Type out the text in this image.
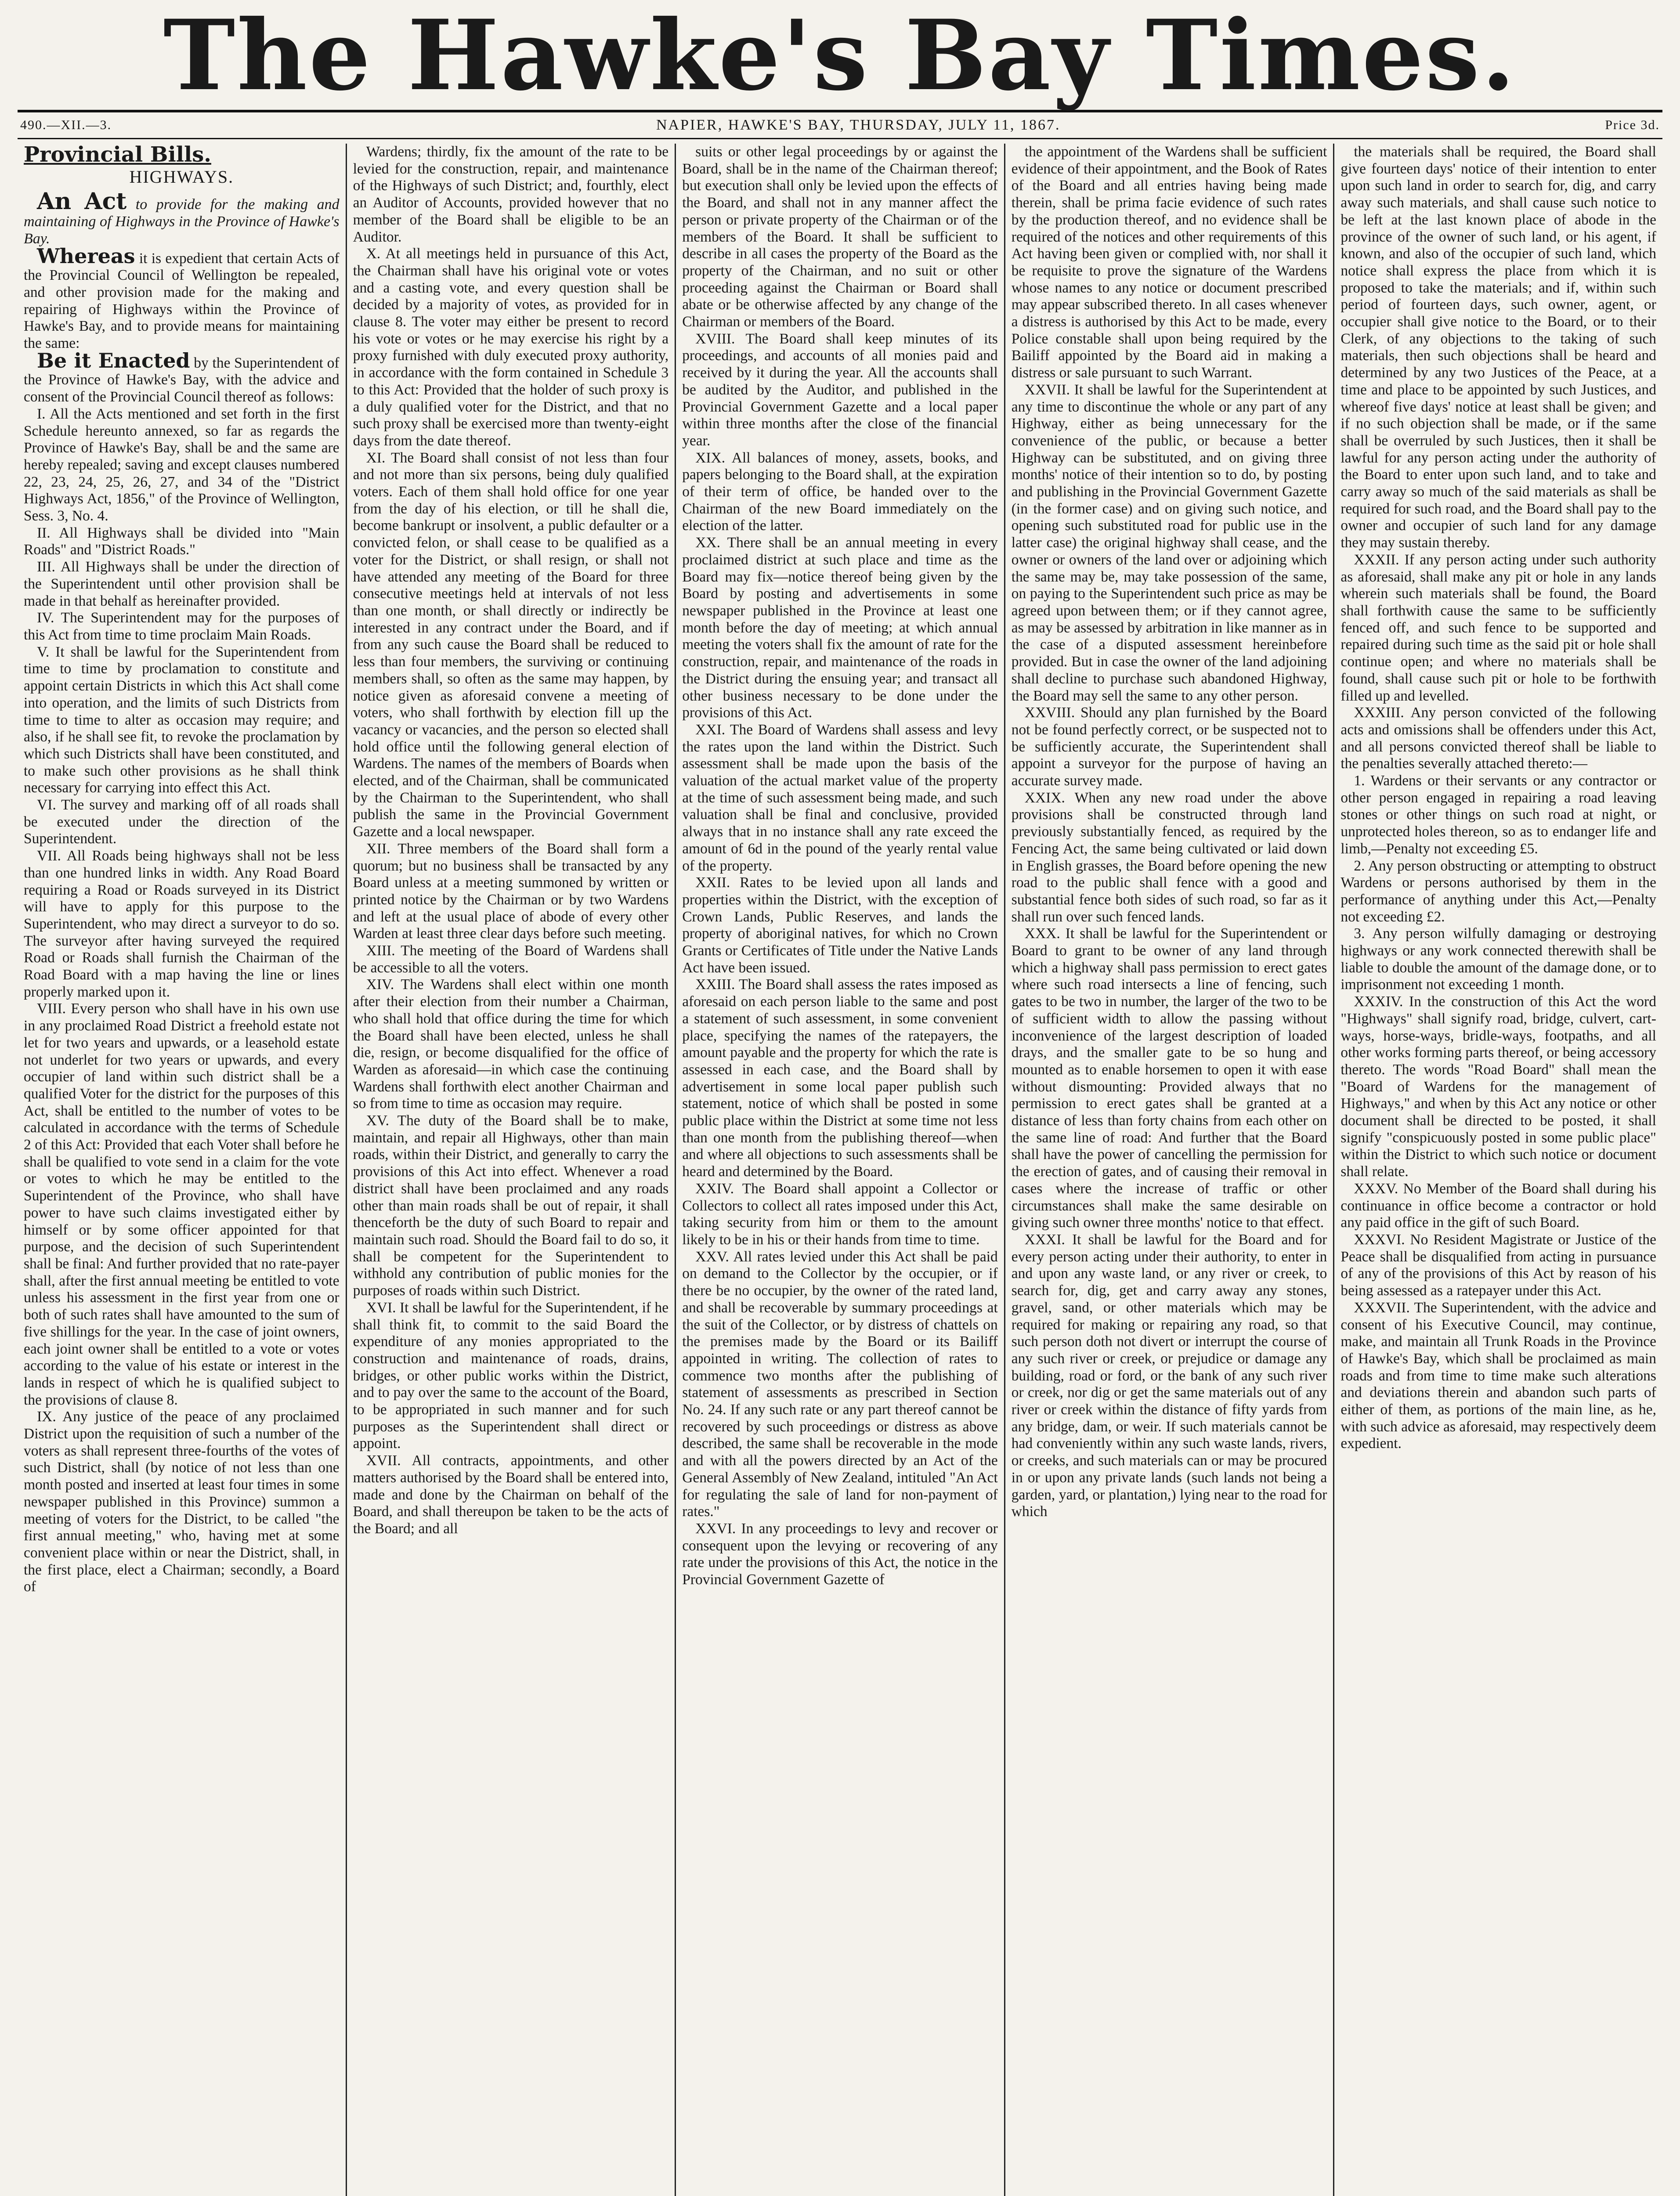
The Hawke's Bay Times.
490.—XII.—3.	NAPIER, HAWKE'S BAY, THURSDAY, JULY 11, 1867.	Price 3d.
Provincial Bills.
HIGHWAYS.

An Act to provide for the making and maintaining of Highways in the Province of Hawke's Bay.

Whereas it is expedient that certain Acts of the Provincial Council of Wellington be repealed, and other provision made for the making and repairing of Highways within the Province of Hawke's Bay, and to provide means for maintaining the same:

Be it Enacted by the Superintendent of the Province of Hawke's Bay, with the advice and consent of the Provincial Council thereof as follows:

I. All the Acts mentioned and set forth in the first Schedule hereunto annexed, so far as regards the Province of Hawke's Bay, shall be and the same are hereby repealed; saving and except clauses numbered 22, 23, 24, 25, 26, 27, and 34 of the "District Highways Act, 1856," of the Province of Wellington, Sess. 3, No. 4.

II. All Highways shall be divided into "Main Roads" and "District Roads."

III. All Highways shall be under the direction of the Superintendent until other provision shall be made in that behalf as hereinafter provided.

IV. The Superintendent may for the purposes of this Act from time to time proclaim Main Roads.

V. It shall be lawful for the Superintendent from time to time by proclamation to constitute and appoint certain Districts in which this Act shall come into operation, and the limits of such Districts from time to time to alter as occasion may require; and also, if he shall see fit, to revoke the proclamation by which such Districts shall have been constituted, and to make such other provisions as he shall think necessary for carrying into effect this Act.

VI. The survey and marking off of all roads shall be executed under the direction of the Superintendent.

VII. All Roads being highways shall not be less than one hundred links in width. Any Road Board requiring a Road or Roads surveyed in its District will have to apply for this purpose to the Superintendent, who may direct a surveyor to do so. The surveyor after having surveyed the required Road or Roads shall furnish the Chairman of the Road Board with a map having the line or lines properly marked upon it.

VIII. Every person who shall have in his own use in any proclaimed Road District a freehold estate not let for two years and upwards, or a leasehold estate not underlet for two years or upwards, and every occupier of land within such district shall be a qualified Voter for the district for the purposes of this Act, shall be entitled to the number of votes to be calculated in accordance with the terms of Schedule 2 of this Act: Provided that each Voter shall before he shall be qualified to vote send in a claim for the vote or votes to which he may be entitled to the Superintendent of the Province, who shall have power to have such claims investigated either by himself or by some officer appointed for that purpose, and the decision of such Superintendent shall be final: And further provided that no rate-payer shall, after the first annual meeting be entitled to vote unless his assessment in the first year from one or both of such rates shall have amounted to the sum of five shillings for the year. In the case of joint owners, each joint owner shall be entitled to a vote or votes according to the value of his estate or interest in the lands in respect of which he is qualified subject to the provisions of clause 8.

IX. Any justice of the peace of any proclaimed District upon the requisition of such a number of the voters as shall represent three-fourths of the votes of such District, shall (by notice of not less than one month posted and inserted at least four times in some newspaper published in this Province) summon a meeting of voters for the District, to be called "the first annual meeting," who, having met at some convenient place within or near the District, shall, in the first place, elect a Chairman; secondly, a Board of

Wardens; thirdly, fix the amount of the rate to be levied for the construction, repair, and maintenance of the Highways of such District; and, fourthly, elect an Auditor of Accounts, provided however that no member of the Board shall be eligible to be an Auditor.

X. At all meetings held in pursuance of this Act, the Chairman shall have his original vote or votes and a casting vote, and every question shall be decided by a majority of votes, as provided for in clause 8. The voter may either be present to record his vote or votes or he may exercise his right by a proxy furnished with duly executed proxy authority, in accordance with the form contained in Schedule 3 to this Act: Provided that the holder of such proxy is a duly qualified voter for the District, and that no such proxy shall be exercised more than twenty-eight days from the date thereof.

XI. The Board shall consist of not less than four and not more than six persons, being duly qualified voters. Each of them shall hold office for one year from the day of his election, or till he shall die, become bankrupt or insolvent, a public defaulter or a convicted felon, or shall cease to be qualified as a voter for the District, or shall resign, or shall not have attended any meeting of the Board for three consecutive meetings held at intervals of not less than one month, or shall directly or indirectly be interested in any contract under the Board, and if from any such cause the Board shall be reduced to less than four members, the surviving or continuing members shall, so often as the same may happen, by notice given as aforesaid convene a meeting of voters, who shall forthwith by election fill up the vacancy or vacancies, and the person so elected shall hold office until the following general election of Wardens. The names of the members of Boards when elected, and of the Chairman, shall be communicated by the Chairman to the Superintendent, who shall publish the same in the Provincial Government Gazette and a local newspaper.

XII. Three members of the Board shall form a quorum; but no business shall be transacted by any Board unless at a meeting summoned by written or printed notice by the Chairman or by two Wardens and left at the usual place of abode of every other Warden at least three clear days before such meeting.

XIII. The meeting of the Board of Wardens shall be accessible to all the voters.

XIV. The Wardens shall elect within one month after their election from their number a Chairman, who shall hold that office during the time for which the Board shall have been elected, unless he shall die, resign, or become disqualified for the office of Warden as aforesaid—in which case the continuing Wardens shall forthwith elect another Chairman and so from time to time as occasion may require.

XV. The duty of the Board shall be to make, maintain, and repair all Highways, other than main roads, within their District, and generally to carry the provisions of this Act into effect. Whenever a road district shall have been proclaimed and any roads other than main roads shall be out of repair, it shall thenceforth be the duty of such Board to repair and maintain such road. Should the Board fail to do so, it shall be competent for the Superintendent to withhold any contribution of public monies for the purposes of roads within such District.

XVI. It shall be lawful for the Superintendent, if he shall think fit, to commit to the said Board the expenditure of any monies appropriated to the construction and maintenance of roads, drains, bridges, or other public works within the District, and to pay over the same to the account of the Board, to be appropriated in such manner and for such purposes as the Superintendent shall direct or appoint.

XVII. All contracts, appointments, and other matters authorised by the Board shall be entered into, made and done by the Chairman on behalf of the Board, and shall thereupon be taken to be the acts of the Board; and all

suits or other legal proceedings by or against the Board, shall be in the name of the Chairman thereof; but execution shall only be levied upon the effects of the Board, and shall not in any manner affect the person or private property of the Chairman or of the members of the Board. It shall be sufficient to describe in all cases the property of the Board as the property of the Chairman, and no suit or other proceeding against the Chairman or Board shall abate or be otherwise affected by any change of the Chairman or members of the Board.

XVIII. The Board shall keep minutes of its proceedings, and accounts of all monies paid and received by it during the year. All the accounts shall be audited by the Auditor, and published in the Provincial Government Gazette and a local paper within three months after the close of the financial year.

XIX. All balances of money, assets, books, and papers belonging to the Board shall, at the expiration of their term of office, be handed over to the Chairman of the new Board immediately on the election of the latter.

XX. There shall be an annual meeting in every proclaimed district at such place and time as the Board may fix—notice thereof being given by the Board by posting and advertisements in some newspaper published in the Province at least one month before the day of meeting; at which annual meeting the voters shall fix the amount of rate for the construction, repair, and maintenance of the roads in the District during the ensuing year; and transact all other business necessary to be done under the provisions of this Act.

XXI. The Board of Wardens shall assess and levy the rates upon the land within the District. Such assessment shall be made upon the basis of the valuation of the actual market value of the property at the time of such assessment being made, and such valuation shall be final and conclusive, provided always that in no instance shall any rate exceed the amount of 6d in the pound of the yearly rental value of the property.

XXII. Rates to be levied upon all lands and properties within the District, with the exception of Crown Lands, Public Reserves, and lands the property of aboriginal natives, for which no Crown Grants or Certificates of Title under the Native Lands Act have been issued.

XXIII. The Board shall assess the rates imposed as aforesaid on each person liable to the same and post a statement of such assessment, in some convenient place, specifying the names of the ratepayers, the amount payable and the property for which the rate is assessed in each case, and the Board shall by advertisement in some local paper publish such statement, notice of which shall be posted in some public place within the District at some time not less than one month from the publishing thereof—when and where all objections to such assessments shall be heard and determined by the Board.

XXIV. The Board shall appoint a Collector or Collectors to collect all rates imposed under this Act, taking security from him or them to the amount likely to be in his or their hands from time to time.

XXV. All rates levied under this Act shall be paid on demand to the Collector by the occupier, or if there be no occupier, by the owner of the rated land, and shall be recoverable by summary proceedings at the suit of the Collector, or by distress of chattels on the premises made by the Board or its Bailiff appointed in writing. The collection of rates to commence two months after the publishing of statement of assessments as prescribed in Section No. 24. If any such rate or any part thereof cannot be recovered by such proceedings or distress as above described, the same shall be recoverable in the mode and with all the powers directed by an Act of the General Assembly of New Zealand, intituled "An Act for regulating the sale of land for non-payment of rates."

XXVI. In any proceedings to levy and recover or consequent upon the levying or recovering of any rate under the provisions of this Act, the notice in the Provincial Government Gazette of

the appointment of the Wardens shall be sufficient evidence of their appointment, and the Book of Rates of the Board and all entries having being made therein, shall be prima facie evidence of such rates by the production thereof, and no evidence shall be required of the notices and other requirements of this Act having been given or complied with, nor shall it be requisite to prove the signature of the Wardens whose names to any notice or document prescribed may appear subscribed thereto. In all cases whenever a distress is authorised by this Act to be made, every Police constable shall upon being required by the Bailiff appointed by the Board aid in making a distress or sale pursuant to such Warrant.

XXVII. It shall be lawful for the Superintendent at any time to discontinue the whole or any part of any Highway, either as being unnecessary for the convenience of the public, or because a better Highway can be substituted, and on giving three months' notice of their intention so to do, by posting and publishing in the Provincial Government Gazette (in the former case) and on giving such notice, and opening such substituted road for public use in the latter case) the original highway shall cease, and the owner or owners of the land over or adjoining which the same may be, may take possession of the same, on paying to the Superintendent such price as may be agreed upon between them; or if they cannot agree, as may be assessed by arbitration in like manner as in the case of a disputed assessment hereinbefore provided. But in case the owner of the land adjoining shall decline to purchase such abandoned Highway, the Board may sell the same to any other person.

XXVIII. Should any plan furnished by the Board not be found perfectly correct, or be suspected not to be sufficiently accurate, the Superintendent shall appoint a surveyor for the purpose of having an accurate survey made.

XXIX. When any new road under the above provisions shall be constructed through land previously substantially fenced, as required by the Fencing Act, the same being cultivated or laid down in English grasses, the Board before opening the new road to the public shall fence with a good and substantial fence both sides of such road, so far as it shall run over such fenced lands.

XXX. It shall be lawful for the Superintendent or Board to grant to be owner of any land through which a highway shall pass permission to erect gates where such road intersects a line of fencing, such gates to be two in number, the larger of the two to be of sufficient width to allow the passing without inconvenience of the largest description of loaded drays, and the smaller gate to be so hung and mounted as to enable horsemen to open it with ease without dismounting: Provided always that no permission to erect gates shall be granted at a distance of less than forty chains from each other on the same line of road: And further that the Board shall have the power of cancelling the permission for the erection of gates, and of causing their removal in cases where the increase of traffic or other circumstances shall make the same desirable on giving such owner three months' notice to that effect.

XXXI. It shall be lawful for the Board and for every person acting under their authority, to enter in and upon any waste land, or any river or creek, to search for, dig, get and carry away any stones, gravel, sand, or other materials which may be required for making or repairing any road, so that such person doth not divert or interrupt the course of any such river or creek, or prejudice or damage any building, road or ford, or the bank of any such river or creek, nor dig or get the same materials out of any river or creek within the distance of fifty yards from any bridge, dam, or weir. If such materials cannot be had conveniently within any such waste lands, rivers, or creeks, and such materials can or may be procured in or upon any private lands (such lands not being a garden, yard, or plantation,) lying near to the road for which

the materials shall be required, the Board shall give fourteen days' notice of their intention to enter upon such land in order to search for, dig, and carry away such materials, and shall cause such notice to be left at the last known place of abode in the province of the owner of such land, or his agent, if known, and also of the occupier of such land, which notice shall express the place from which it is proposed to take the materials; and if, within such period of fourteen days, such owner, agent, or occupier shall give notice to the Board, or to their Clerk, of any objections to the taking of such materials, then such objections shall be heard and determined by any two Justices of the Peace, at a time and place to be appointed by such Justices, and whereof five days' notice at least shall be given; and if no such objection shall be made, or if the same shall be overruled by such Justices, then it shall be lawful for any person acting under the authority of the Board to enter upon such land, and to take and carry away so much of the said materials as shall be required for such road, and the Board shall pay to the owner and occupier of such land for any damage they may sustain thereby.

XXXII. If any person acting under such authority as aforesaid, shall make any pit or hole in any lands wherein such materials shall be found, the Board shall forthwith cause the same to be sufficiently fenced off, and such fence to be supported and repaired during such time as the said pit or hole shall continue open; and where no materials shall be found, shall cause such pit or hole to be forthwith filled up and levelled.

XXXIII. Any person convicted of the following acts and omissions shall be offenders under this Act, and all persons convicted thereof shall be liable to the penalties severally attached thereto:—

1. Wardens or their servants or any contractor or other person engaged in repairing a road leaving stones or other things on such road at night, or unprotected holes thereon, so as to endanger life and limb,—Penalty not exceeding £5.

2. Any person obstructing or attempting to obstruct Wardens or persons authorised by them in the performance of anything under this Act,—Penalty not exceeding £2.

3. Any person wilfully damaging or destroying highways or any work connected therewith shall be liable to double the amount of the damage done, or to imprisonment not exceeding 1 month.

XXXIV. In the construction of this Act the word "Highways" shall signify road, bridge, culvert, cart-ways, horse-ways, bridle-ways, footpaths, and all other works forming parts thereof, or being accessory thereto. The words "Road Board" shall mean the "Board of Wardens for the management of Highways," and when by this Act any notice or other document shall be directed to be posted, it shall signify "conspicuously posted in some public place" within the District to which such notice or document shall relate.

XXXV. No Member of the Board shall during his continuance in office become a contractor or hold any paid office in the gift of such Board.

XXXVI. No Resident Magistrate or Justice of the Peace shall be disqualified from acting in pursuance of any of the provisions of this Act by reason of his being assessed as a ratepayer under this Act.

XXXVII. The Superintendent, with the advice and consent of his Executive Council, may continue, make, and maintain all Trunk Roads in the Province of Hawke's Bay, which shall be proclaimed as main roads and from time to time make such alterations and deviations therein and abandon such parts of either of them, as portions of the main line, as he, with such advice as aforesaid, may respectively deem expedient.
